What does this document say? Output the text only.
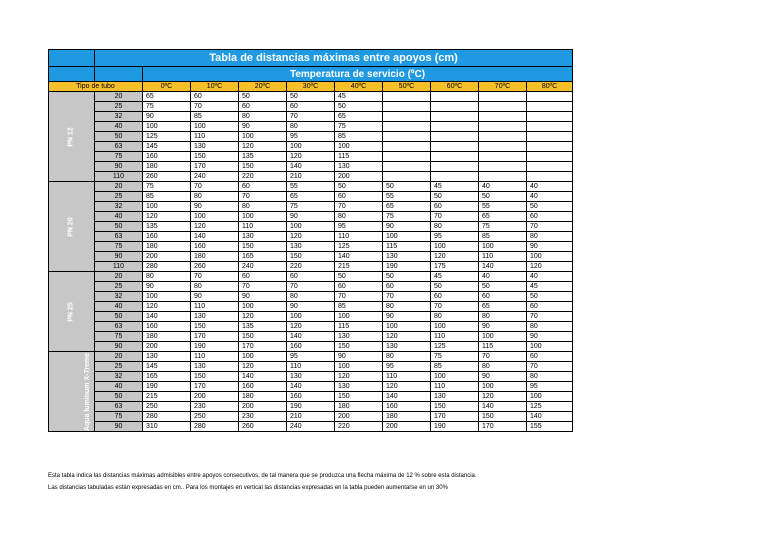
	Tabla de distancias máximas entre apoyos (cm)									
		Temperatura de servicio (ºC)								
Tipo de tubo		0ºC	10ºC	20ºC	30ºC	40ºC	50ºC	60ºC	70ºC	80ºC
PN 12	20	65	60	50	50	45				
	25	75	70	60	60	50				
	32	90	85	80	70	65				
	40	100	100	90	80	75				
	50	125	110	100	95	85				
	63	145	130	120	100	100				
	75	160	150	135	120	115				
	90	180	170	150	140	130				
	110	260	240	220	210	200				
PN 20	20	75	70	60	55	50	50	45	40	40
	25	85	80	70	65	60	55	50	50	40
	32	100	90	80	75	70	65	60	55	50
	40	120	100	100	90	80	75	70	65	60
	50	135	120	110	100	95	90	80	75	70
	63	160	140	130	120	110	100	95	85	80
	75	180	160	150	130	125	115	100	100	90
	90	200	180	165	150	140	130	120	110	100
	110	280	260	240	220	215	190	175	140	120
PN 25	20	80	70	60	60	50	50	45	40	40
	25	90	80	70	70	60	60	50	50	45
	32	100	90	90	80	70	70	60	60	50
	40	120	110	100	90	85	80	70	65	60
	50	140	130	120	100	100	90	80	80	70
	63	160	150	135	120	115	100	100	90	80
	75	180	170	150	140	130	120	110	100	90
	90	200	190	170	160	150	130	125	115	100
Aqua luminum X-Treme	20	130	110	100	95	90	80	75	70	60
	25	145	130	120	110	100	95	85	80	70
	32	165	150	140	130	120	110	100	90	80
	40	190	170	160	140	130	120	110	100	95
	50	215	200	180	160	150	140	130	120	100
	63	250	230	200	190	180	160	150	140	125
	75	280	250	230	210	200	180	170	150	140
	90	310	280	260	240	220	200	190	170	155
Esta tabla indica las distancias máximas admisibles entre apoyos consecutivos, de tal manera que se produzca una flecha máxima de 12 % sobre esta distancia.
Las distancias tabuladas están expresadas en cm.. Para los montajes en vertical las distancias expresadas en la tabla pueden aumentarse en un 30%
